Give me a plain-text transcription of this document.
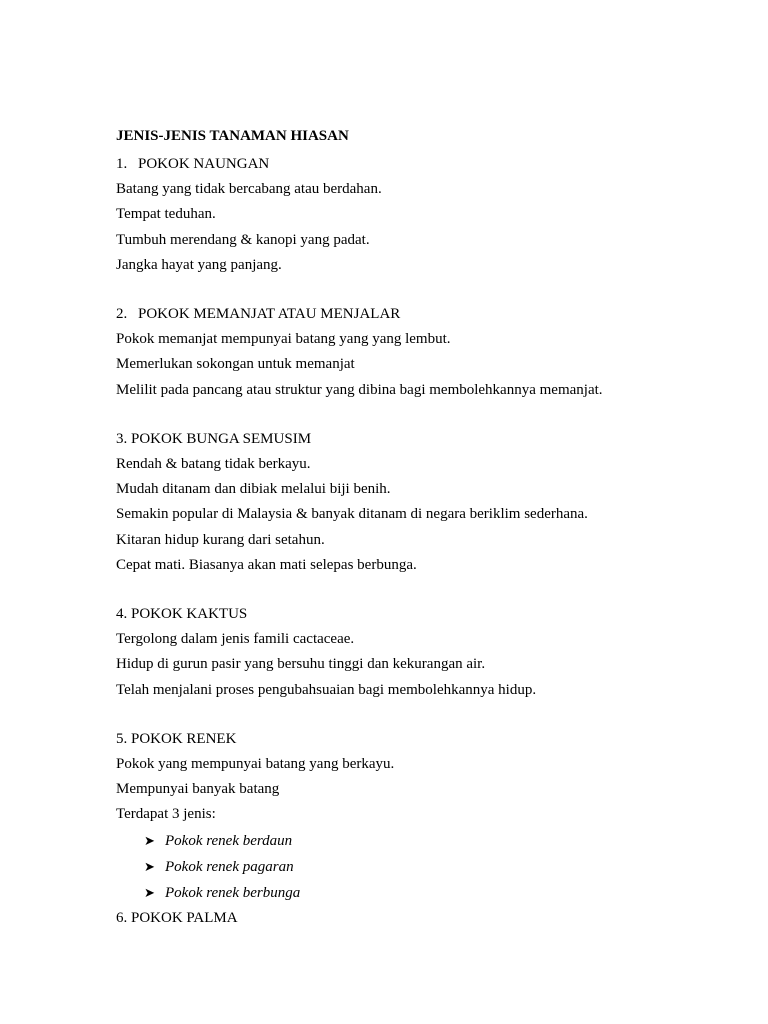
JENIS-JENIS TANAMAN HIASAN

1. POKOK NAUNGAN

Batang yang tidak bercabang atau berdahan.

Tempat teduhan.

Tumbuh merendang & kanopi yang padat.

Jangka hayat yang panjang.

2. POKOK MEMANJAT ATAU MENJALAR

Pokok memanjat mempunyai batang yang yang lembut.

Memerlukan sokongan untuk memanjat

Melilit pada pancang atau struktur yang dibina bagi membolehkannya memanjat.

3. POKOK BUNGA SEMUSIM

Rendah & batang tidak berkayu.

Mudah ditanam dan dibiak melalui biji benih.

Semakin popular di Malaysia & banyak ditanam di negara beriklim sederhana.

Kitaran hidup kurang dari setahun.

Cepat mati. Biasanya akan mati selepas berbunga.

4. POKOK KAKTUS

Tergolong dalam jenis famili cactaceae.

Hidup di gurun pasir yang bersuhu tinggi dan kekurangan air.

Telah menjalani proses pengubahsuaian bagi membolehkannya hidup.

5. POKOK RENEK

Pokok yang mempunyai batang yang berkayu.

Mempunyai banyak batang

Terdapat 3 jenis:

➤ Pokok renek berdaun
➤ Pokok renek pagaran
➤ Pokok renek berbunga

6. POKOK PALMA
